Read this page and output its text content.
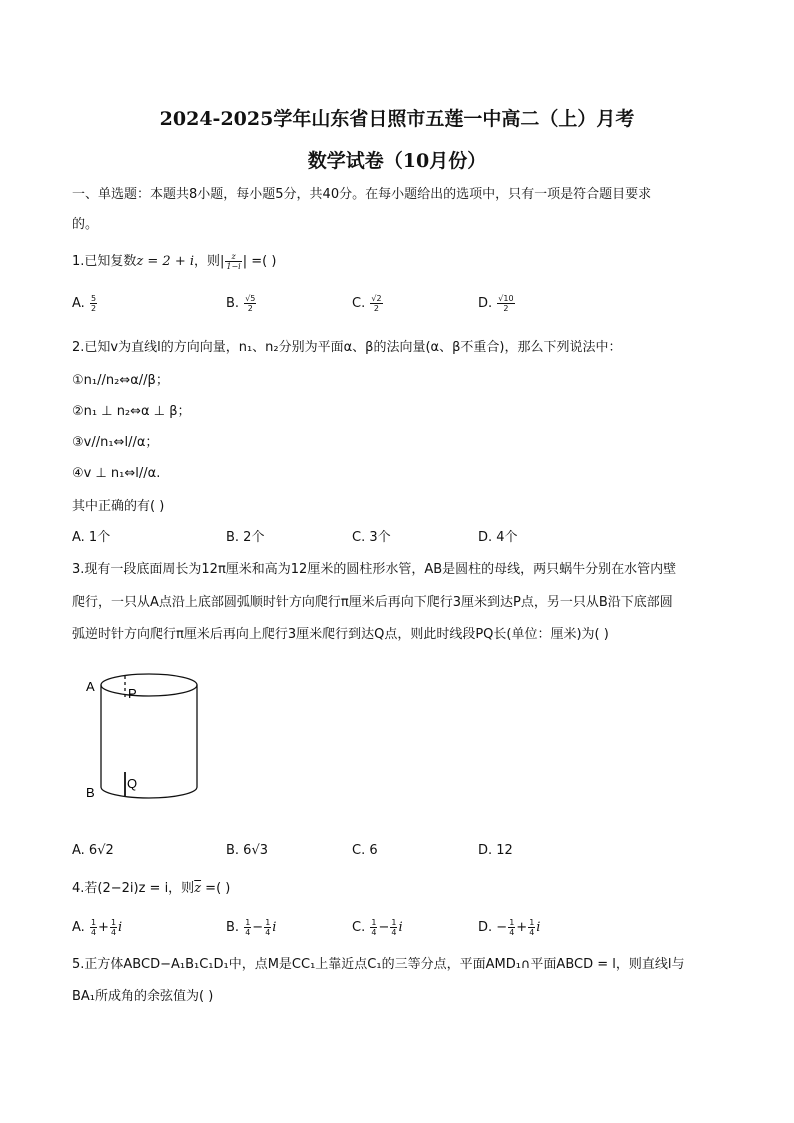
2024-2025学年山东省日照市五莲一中高二（上）月考
数学试卷（10月份）
一、单选题：本题共8小题，每小题5分，共40分。在每小题给出的选项中，只有一项是符合题目要求
的。
1.已知复数z = 2 + i，则| $\frac{z}{1-i}$ | =( )
A. $\frac{5}{2}$	B. $\frac{√5}{2}$	C. $\frac{√2}{2}$	D. $\frac{√10}{2}$
2.已知v为直线l的方向向量，n₁、n₂分别为平面α、β的法向量(α、β不重合)，那么下列说法中：
①n₁//n₂⇔α//β；
②n₁ ⊥ n₂⇔α ⊥ β；
③v//n₁⇔l//α；
④v ⊥ n₁⇔l//α.
其中正确的有( )
A. 1个	B. 2个	C. 3个	D. 4个
3.现有一段底面周长为12π厘米和高为12厘米的圆柱形水管，AB是圆柱的母线，两只蜗牛分别在水管内壁
爬行，一只从A点沿上底部圆弧顺时针方向爬行π厘米后再向下爬行3厘米到达P点，另一只从B沿下底部圆
弧逆时针方向爬行π厘米后再向上爬行3厘米爬行到达Q点，则此时线段PQ长(单位：厘米)为( )
A	P
B
Q
A. 6√2	B. 6√3	C. 6	D. 12
4.若(2−2i)z = i，则$\overline{z}$ =( )
A. $\frac{1}{4} + \frac{1}{4}$ i	B. $\frac{1}{4} - \frac{1}{4}$ i	C. $\frac{1}{4} - \frac{1}{4}$ i	D. − $\frac{1}{4} + \frac{1}{4}$ i
5.正方体ABCD−A₁B₁C₁D₁中，点M是CC₁上靠近点C₁的三等分点，平面AMD₁∩平面ABCD = l，则直线l与
BA₁所成角的余弦值为( )
